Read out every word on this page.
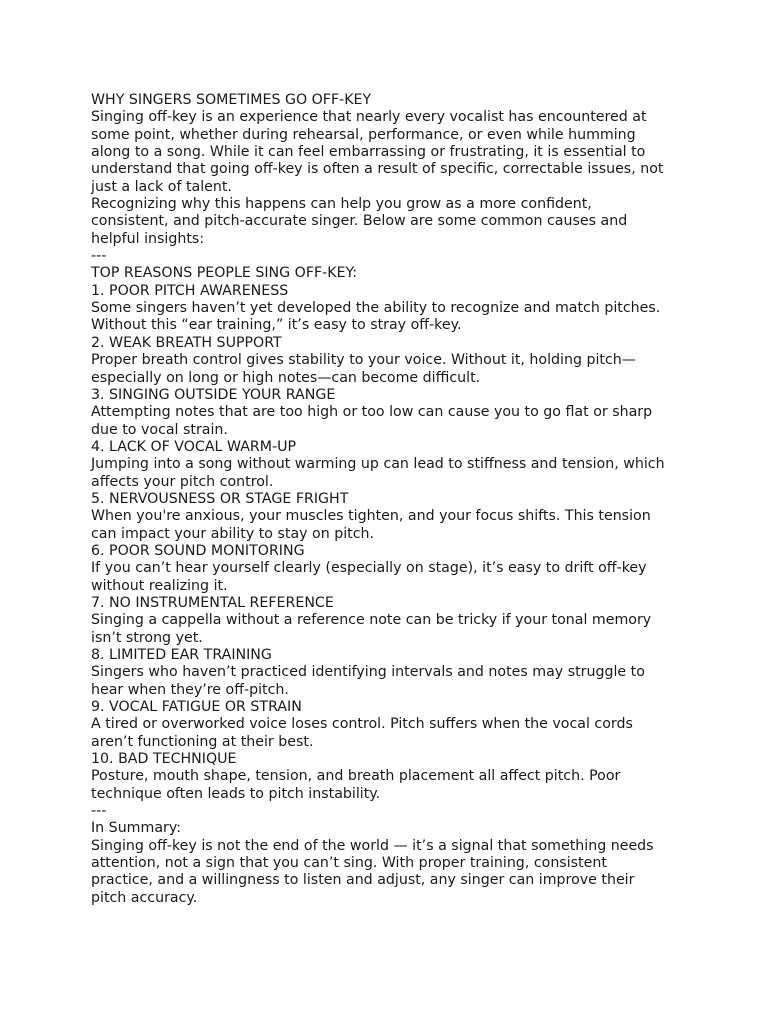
WHY SINGERS SOMETIMES GO OFF-KEY
Singing off-key is an experience that nearly every vocalist has encountered at
some point, whether during rehearsal, performance, or even while humming
along to a song. While it can feel embarrassing or frustrating, it is essential to
understand that going off-key is often a result of specific, correctable issues, not
just a lack of talent.
Recognizing why this happens can help you grow as a more confident,
consistent, and pitch-accurate singer. Below are some common causes and
helpful insights:
---
TOP REASONS PEOPLE SING OFF-KEY:
1. POOR PITCH AWARENESS
Some singers haven’t yet developed the ability to recognize and match pitches.
Without this “ear training,” it’s easy to stray off-key.
2. WEAK BREATH SUPPORT
Proper breath control gives stability to your voice. Without it, holding pitch—
especially on long or high notes—can become difficult.
3. SINGING OUTSIDE YOUR RANGE
Attempting notes that are too high or too low can cause you to go flat or sharp
due to vocal strain.
4. LACK OF VOCAL WARM-UP
Jumping into a song without warming up can lead to stiffness and tension, which
affects your pitch control.
5. NERVOUSNESS OR STAGE FRIGHT
When you're anxious, your muscles tighten, and your focus shifts. This tension
can impact your ability to stay on pitch.
6. POOR SOUND MONITORING
If you can’t hear yourself clearly (especially on stage), it’s easy to drift off-key
without realizing it.
7. NO INSTRUMENTAL REFERENCE
Singing a cappella without a reference note can be tricky if your tonal memory
isn’t strong yet.
8. LIMITED EAR TRAINING
Singers who haven’t practiced identifying intervals and notes may struggle to
hear when they’re off-pitch.
9. VOCAL FATIGUE OR STRAIN
A tired or overworked voice loses control. Pitch suffers when the vocal cords
aren’t functioning at their best.
10. BAD TECHNIQUE
Posture, mouth shape, tension, and breath placement all affect pitch. Poor
technique often leads to pitch instability.
---
In Summary:
Singing off-key is not the end of the world — it’s a signal that something needs
attention, not a sign that you can’t sing. With proper training, consistent
practice, and a willingness to listen and adjust, any singer can improve their
pitch accuracy.
